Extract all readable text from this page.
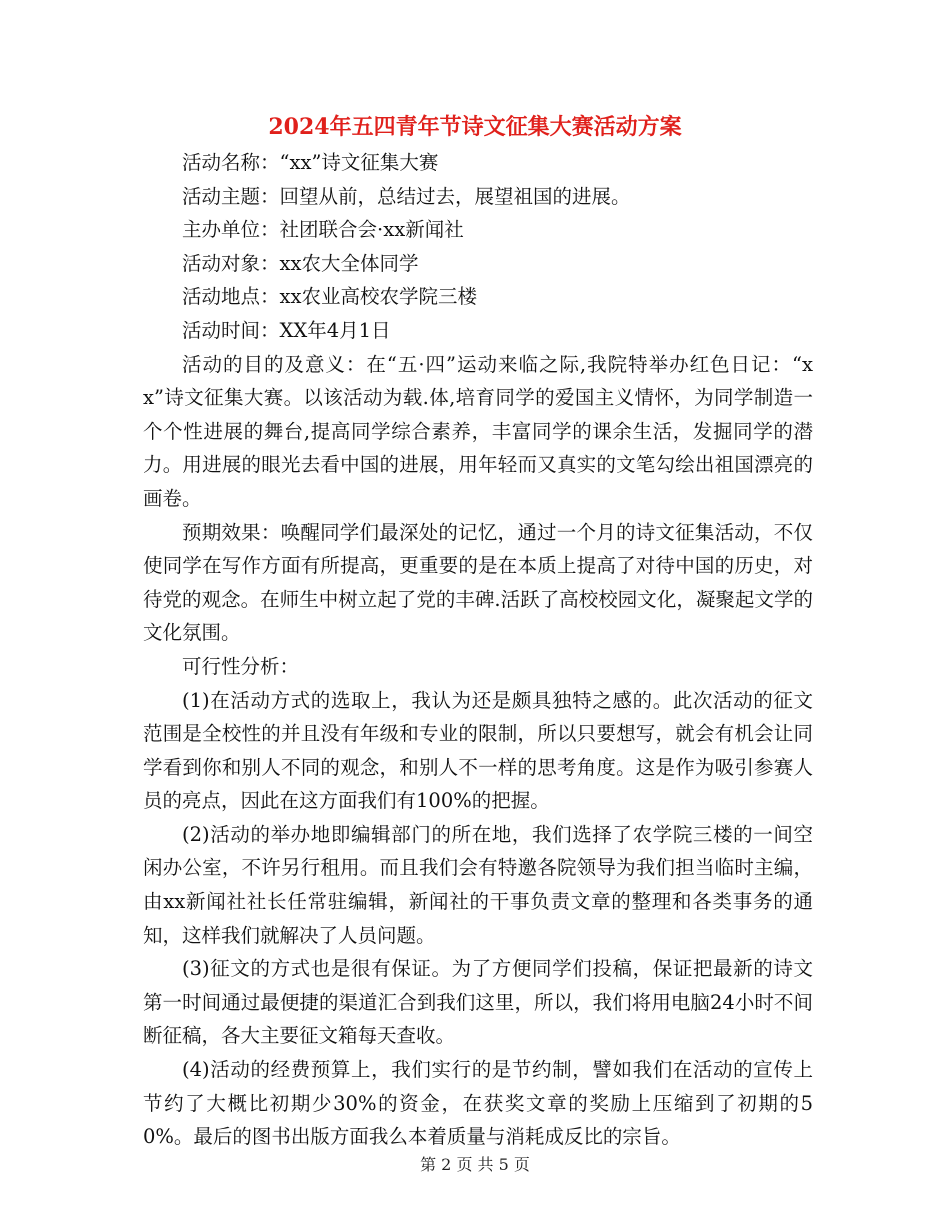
2024年五四青年节诗文征集大赛活动方案

活动名称：“xx”诗文征集大赛

活动主题：回望从前，总结过去，展望祖国的进展。

主办单位：社团联合会·xx新闻社

活动对象：xx农大全体同学

活动地点：xx农业高校农学院三楼

活动时间：XX年4月1日

活动的目的及意义：在“五·四”运动来临之际,我院特举办红色日记：“xx”诗文征集大赛。以该活动为载.体,培育同学的爱国主义情怀，为同学制造一个个性进展的舞台,提高同学综合素养，丰富同学的课余生活，发掘同学的潜力。用进展的眼光去看中国的进展，用年轻而又真实的文笔勾绘出祖国漂亮的画卷。

预期效果：唤醒同学们最深处的记忆，通过一个月的诗文征集活动，不仅使同学在写作方面有所提高，更重要的是在本质上提高了对待中国的历史，对待党的观念。在师生中树立起了党的丰碑.活跃了高校校园文化，凝聚起文学的文化氛围。

可行性分析：

(1)在活动方式的选取上，我认为还是颇具独特之感的。此次活动的征文范围是全校性的并且没有年级和专业的限制，所以只要想写，就会有机会让同学看到你和别人不同的观念，和别人不一样的思考角度。这是作为吸引参赛人员的亮点，因此在这方面我们有100%的把握。

(2)活动的举办地即编辑部门的所在地，我们选择了农学院三楼的一间空闲办公室，不许另行租用。而且我们会有特邀各院领导为我们担当临时主编，由xx新闻社社长任常驻编辑，新闻社的干事负责文章的整理和各类事务的通知，这样我们就解决了人员问题。

(3)征文的方式也是很有保证。为了方便同学们投稿，保证把最新的诗文第一时间通过最便捷的渠道汇合到我们这里，所以，我们将用电脑24小时不间断征稿，各大主要征文箱每天查收。

(4)活动的经费预算上，我们实行的是节约制，譬如我们在活动的宣传上节约了大概比初期少30%的资金，在获奖文章的奖励上压缩到了初期的50%。最后的图书出版方面我么本着质量与消耗成反比的宗旨。

第 2 页 共 5 页
